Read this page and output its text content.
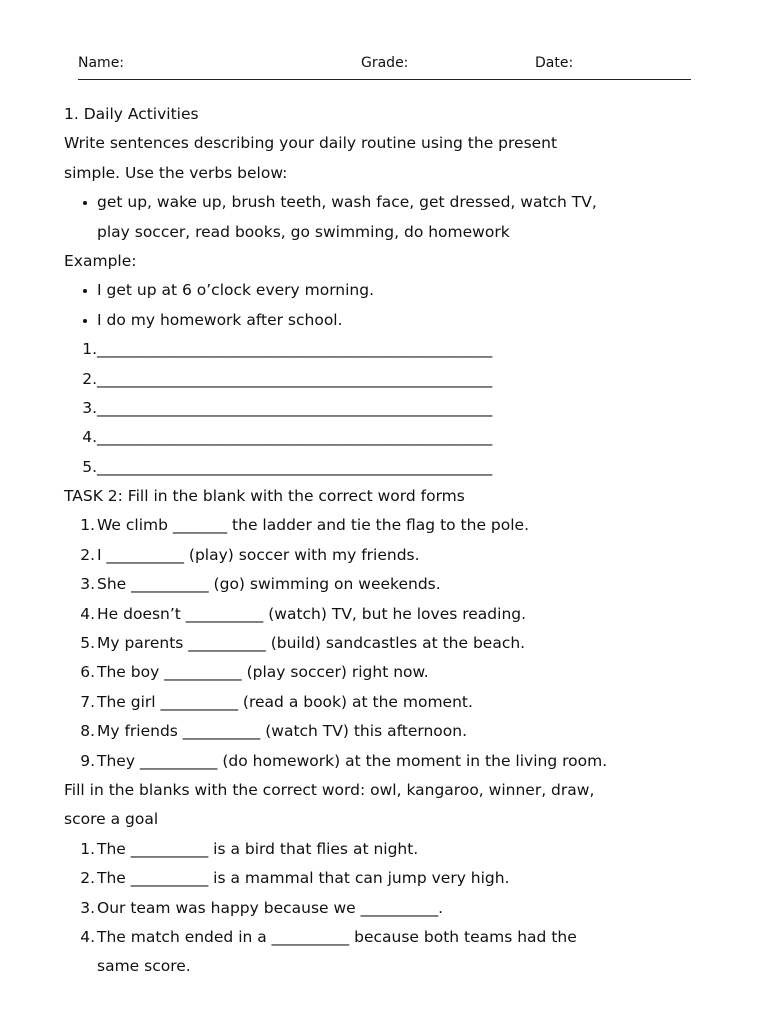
Name:	Grade:	Date:
1. Daily Activities
Write sentences describing your daily routine using the present
simple. Use the verbs below:
get up, wake up, brush teeth, wash face, get dressed, watch TV,
play soccer, read books, go swimming, do homework
Example:
I get up at 6 o’clock every morning.
I do my homework after school.
1. ___________________________________________________
2. ___________________________________________________
3. ___________________________________________________
4. ___________________________________________________
5. ___________________________________________________
TASK 2: Fill in the blank with the correct word forms
1. We climb _______ the ladder and tie the flag to the pole.
2. I __________ (play) soccer with my friends.
3. She __________ (go) swimming on weekends.
4. He doesn’t __________ (watch) TV, but he loves reading.
5. My parents __________ (build) sandcastles at the beach.
6. The boy __________ (play soccer) right now.
7. The girl __________ (read a book) at the moment.
8. My friends __________ (watch TV) this afternoon.
9. They __________ (do homework) at the moment in the living room.
Fill in the blanks with the correct word: owl, kangaroo, winner, draw,
score a goal
1. The __________ is a bird that flies at night.
2. The __________ is a mammal that can jump very high.
3. Our team was happy because we __________.
4. The match ended in a __________ because both teams had the
same score.
